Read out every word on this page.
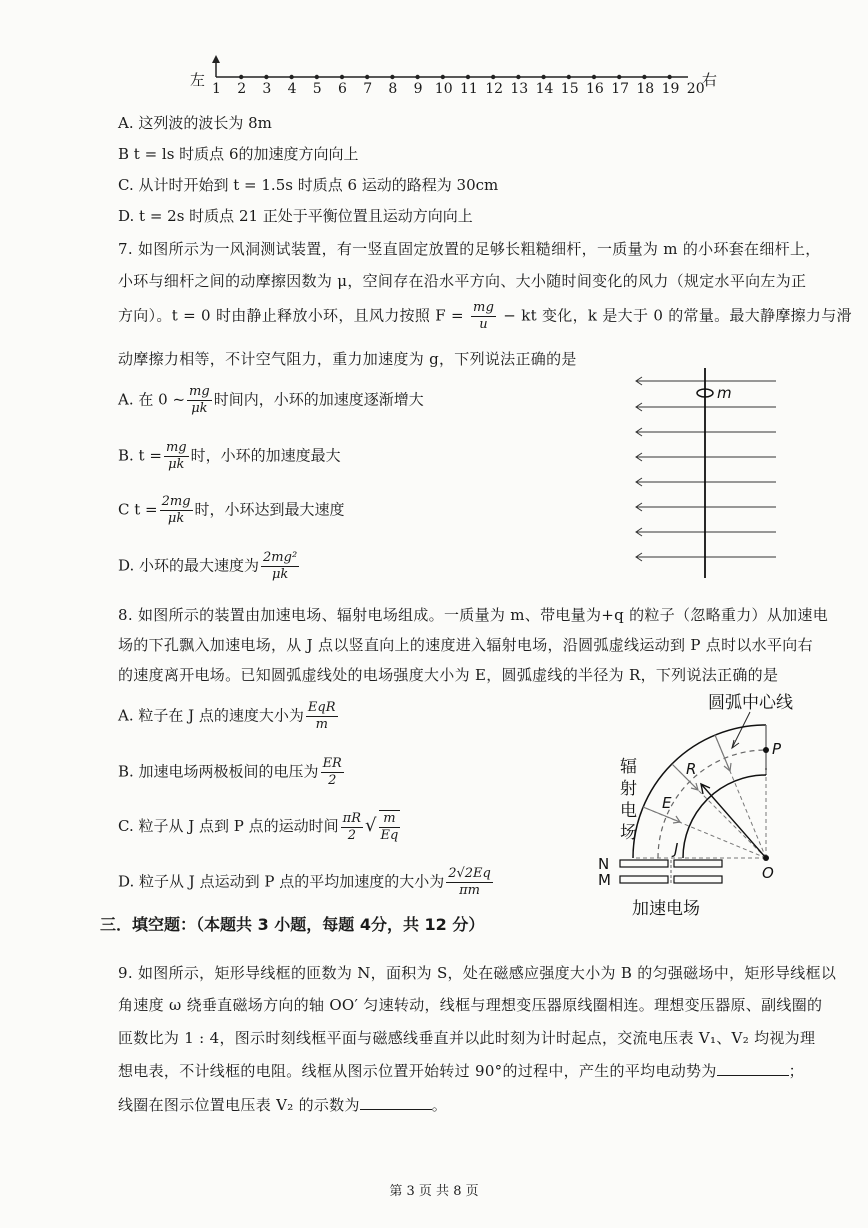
左	右
1 2 3 4 5 6 7 8 9 10 11 12 13 14 15 16 17 18 19 20
A. 这列波的波长为 8m
B t = ls 时质点 6的加速度方向向上
C. 从计时开始到 t = 1.5s 时质点 6 运动的路程为 30cm
D. t = 2s 时质点 21 正处于平衡位置且运动方向向上
7. 如图所示为一风洞测试装置，有一竖直固定放置的足够长粗糙细杆，一质量为 m 的小环套在细杆上，
小环与细杆之间的动摩擦因数为 μ，空间存在沿水平方向、大小随时间变化的风力（规定水平向左为正
方向）。t = 0 时由静止释放小环，且风力按照 $F = \frac{mg}{u}$ − kt 变化，k 是大于 0 的常量。最大静摩擦力与滑
动摩擦力相等，不计空气阻力，重力加速度为 g，下列说法正确的是
A. 在 0 ~ $\frac{mg}{\mu k}$ 时间内，小环的加速度逐渐增大
B. $t = \frac{mg}{\mu k}$ 时，小环的加速度最大
C $t = \frac{2mg}{\mu k}$ 时，小环达到最大速度
D. 小环的最大速度为 $\frac{\text{2mg²}}{\mu k}$
m
8. 如图所示的装置由加速电场、辐射电场组成。一质量为 m、带电量为+q 的粒子（忽略重力）从加速电
场的下孔飘入加速电场，从 J 点以竖直向上的速度进入辐射电场，沿圆弧虚线运动到 P 点时以水平向右
的速度离开电场。已知圆弧虚线处的电场强度大小为 E，圆弧虚线的半径为 R，下列说法正确的是
A. 粒子在 J 点的速度大小为 $\frac{\text{EqR}}{m}$
B. 加速电场两极板间的电压为 $\frac{ER}{2}$
C. 粒子从 J 点到 P 点的运动时间 $\frac{\pi R}{2}$ √ $\frac{m}{Eq}$
D. 粒子从 J 点运动到 P 点的平均加速度的大小为 $\frac{2√2Eq}{\pi m}$
圆弧中心线
P
O
R
E
J
辐
射
电
场
N
M
加速电场
三．填空题：（本题共 3 小题，每题 4分，共 12 分）
9. 如图所示，矩形导线框的匝数为 N，面积为 S，处在磁感应强度大小为 B 的匀强磁场中，矩形导线框以
角速度 ω 绕垂直磁场方向的轴 OO′ 匀速转动，线框与理想变压器原线圈相连。理想变压器原、副线圈的
匝数比为 1 : 4，图示时刻线框平面与磁感线垂直并以此时刻为计时起点，交流电压表 V₁、V₂ 均视为理
想电表，不计线框的电阻。线框从图示位置开始转过 90°的过程中，产生的平均电动势为	；
线圈在图示位置电压表 V₂ 的示数为	。
第 3 页 共 8 页
